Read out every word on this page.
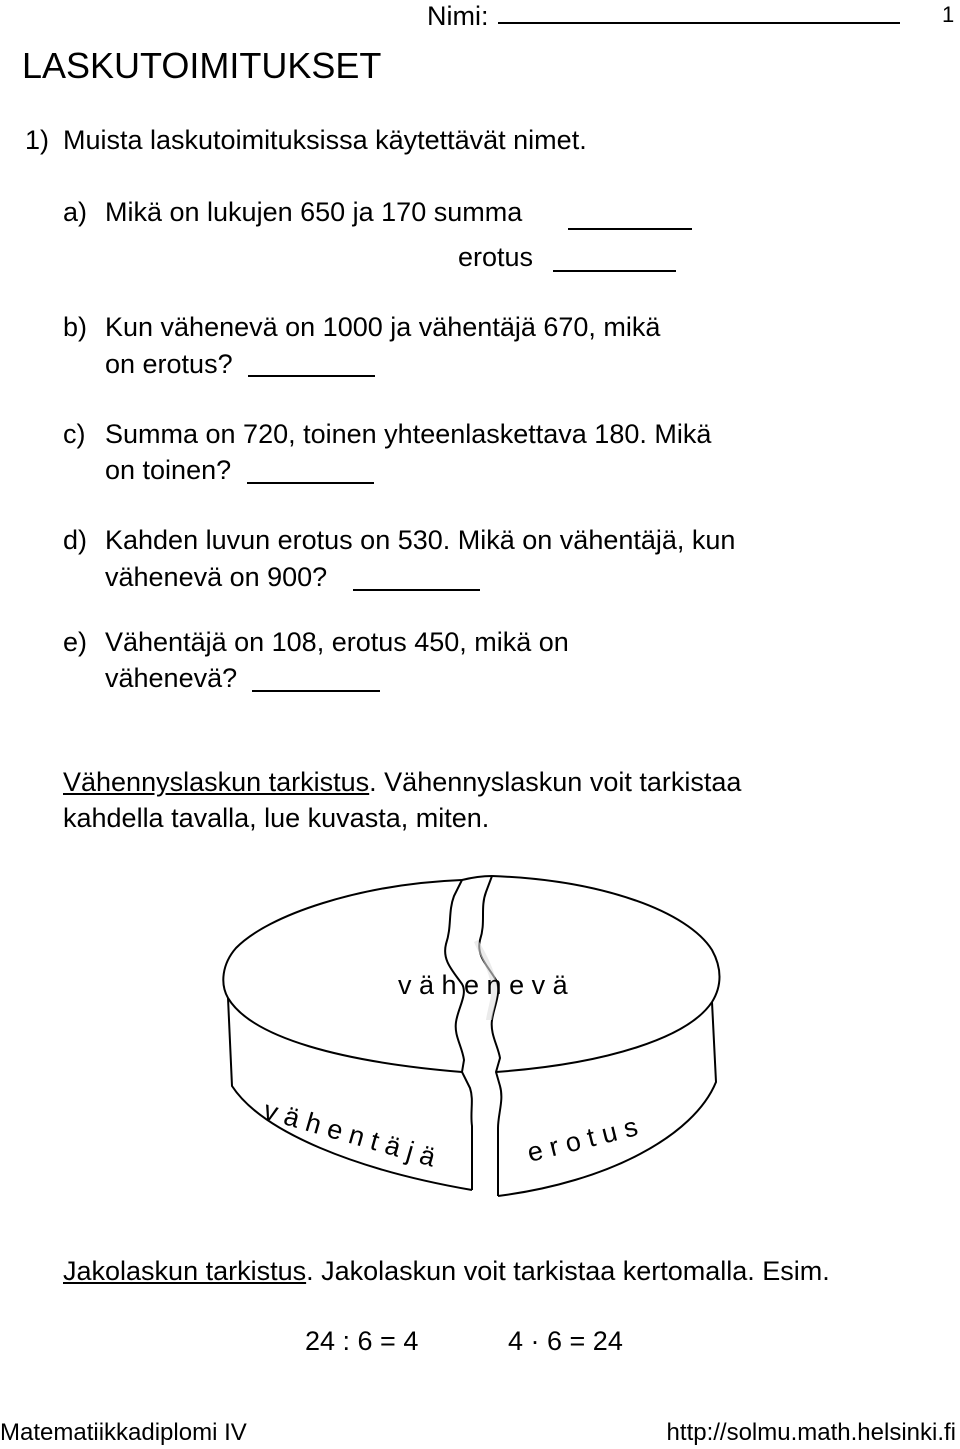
Nimi:	1
LASKUTOIMITUKSET
1) Muista laskutoimituksissa käytettävät nimet.
a) Mikä on lukujen 650 ja 170 summa
erotus
b) Kun vähenevä on 1000 ja vähentäjä 670, mikä
on erotus?
c) Summa on 720, toinen yhteenlaskettava 180. Mikä
on toinen?
d) Kahden luvun erotus on 530. Mikä on vähentäjä, kun
vähenevä on 900?
e) Vähentäjä on 108, erotus 450, mikä on
vähenevä?
Vähennyslaskun tarkistus. Vähennyslaskun voit tarkistaa
kahdella tavalla, lue kuvasta, miten.
v ä h e n e v ä
v ä h e n t ä j ä	e r o t u s
Jakolaskun tarkistus. Jakolaskun voit tarkistaa kertomalla. Esim.
24 : 6 = 4	4 · 6 = 24
Matematiikkadiplomi IV	http://solmu.math.helsinki.fi
